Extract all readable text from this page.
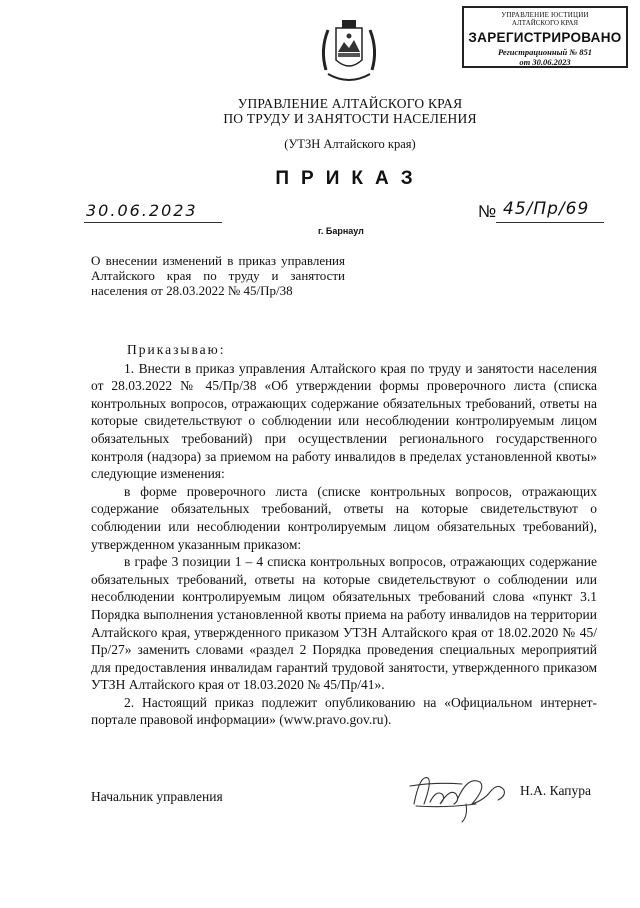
УПРАВЛЕНИЕ ЮСТИЦИИ
АЛТАЙСКОГО КРАЯ
ЗАРЕГИСТРИРОВАНО
Регистрационный № 851
от 30.06.2023
УПРАВЛЕНИЕ АЛТАЙСКОГО КРАЯ
ПО ТРУДУ И ЗАНЯТОСТИ НАСЕЛЕНИЯ
(УТЗН Алтайского края)
ПРИКАЗ
30.06.2023
г. Барнаул
№ 45/Пр/69
О внесении изменений в приказ управления Алтайского края по труду и занятости населения от 28.03.2022 № 45/Пр/38

Приказываю:

1. Внести в приказ управления Алтайского края по труду и занятости населения от 28.03.2022 № 45/Пр/38 «Об утверждении формы проверочного листа (списка контрольных вопросов, отражающих содержание обязательных требований, ответы на которые свидетельствуют о соблюдении или несоблюдении контролируемым лицом обязательных требований) при осуществлении регионального государственного контроля (надзора) за приемом на работу инвалидов в пределах установленной квоты» следующие изменения:

в форме проверочного листа (списке контрольных вопросов, отражающих содержание обязательных требований, ответы на которые свидетельствуют о соблюдении или несоблюдении контролируемым лицом обязательных требований), утвержденном указанным приказом:

в графе 3 позиции 1 – 4 списка контрольных вопросов, отражающих содержание обязательных требований, ответы на которые свидетельствуют о соблюдении или несоблюдении контролируемым лицом обязательных требований слова «пункт 3.1 Порядка выполнения установленной квоты приема на работу инвалидов на территории Алтайского края, утвержденного приказом УТЗН Алтайского края от 18.02.2020 № 45/Пр/27» заменить словами «раздел 2 Порядка проведения специальных мероприятий для предоставления инвалидам гарантий трудовой занятости, утвержденного приказом УТЗН Алтайского края от 18.03.2020 № 45/Пр/41».

2. Настоящий приказ подлежит опубликованию на «Официальном интернет-портале правовой информации» (www.pravo.gov.ru).

Начальник управления	Н.А. Капура
